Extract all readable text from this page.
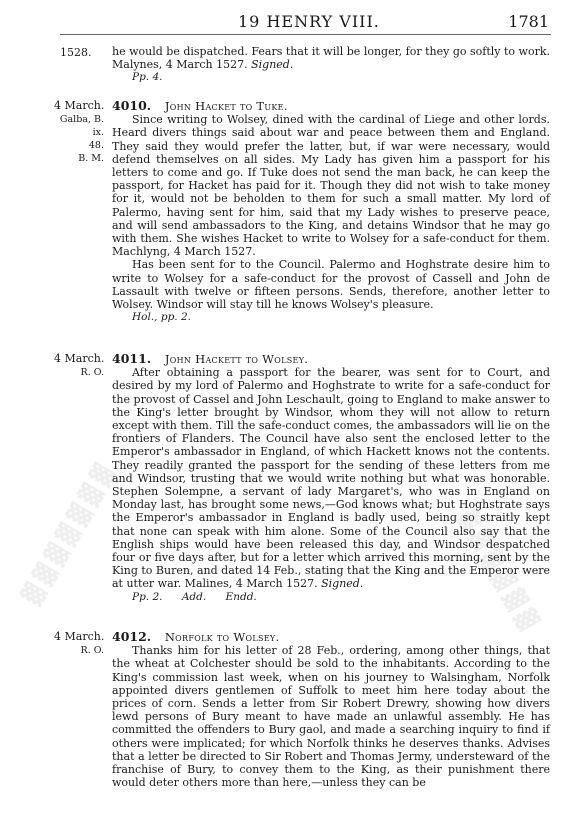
▓▓▓▓▓▓▓	▓▓▓▓▓▓
19 HENRY VIII.	1781
1528. he would be dispatched. Fears that it will be longer, for they go softly to work. Malynes, 4 March 1527. Signed.

Pp. 4.
4 March.
Galba, B. ix.
48.
B. M.
4010. John Hacket to Tuke.

Since writing to Wolsey, dined with the cardinal of Liege and other lords. Heard divers things said about war and peace between them and England. They said they would prefer the latter, but, if war were necessary, would defend themselves on all sides. My Lady has given him a passport for his letters to come and go. If Tuke does not send the man back, he can keep the passport, for Hacket has paid for it. Though they did not wish to take money for it, would not be beholden to them for such a small matter. My lord of Palermo, having sent for him, said that my Lady wishes to preserve peace, and will send ambassadors to the King, and detains Windsor that he may go with them. She wishes Hacket to write to Wolsey for a safe-conduct for them. Machlyng, 4 March 1527.

Has been sent for to the Council. Palermo and Hoghstrate desire him to write to Wolsey for a safe-conduct for the provost of Cassell and John de Lassault with twelve or fifteen persons. Sends, therefore, another letter to Wolsey. Windsor will stay till he knows Wolsey's pleasure.

Hol., pp. 2.
4 March.
R. O.
4011. John Hackett to Wolsey.

After obtaining a passport for the bearer, was sent for to Court, and desired by my lord of Palermo and Hoghstrate to write for a safe-conduct for the provost of Cassel and John Leschault, going to England to make answer to the King's letter brought by Windsor, whom they will not allow to return except with them. Till the safe-conduct comes, the ambassadors will lie on the frontiers of Flanders. The Council have also sent the enclosed letter to the Emperor's ambassador in England, of which Hackett knows not the contents. They readily granted the passport for the sending of these letters from me and Windsor, trusting that we would write nothing but what was honorable. Stephen Solempne, a servant of lady Margaret's, who was in England on Monday last, has brought some news,—God knows what; but Hoghstrate says the Emperor's ambassador in England is badly used, being so straitly kept that none can speak with him alone. Some of the Council also say that the English ships would have been released this day, and Windsor despatched four or five days after, but for a letter which arrived this morning, sent by the King to Buren, and dated 14 Feb., stating that the King and the Emperor were at utter war. Malines, 4 March 1527. Signed.

Pp. 2. Add. Endd.
4 March.
R. O.
4012. Norfolk to Wolsey.

Thanks him for his letter of 28 Feb., ordering, among other things, that the wheat at Colchester should be sold to the inhabitants. According to the King's commission last week, when on his journey to Walsingham, Norfolk appointed divers gentlemen of Suffolk to meet him here today about the prices of corn. Sends a letter from Sir Robert Drewry, showing how divers lewd persons of Bury meant to have made an unlawful assembly. He has committed the offenders to Bury gaol, and made a searching inquiry to find if others were implicated; for which Norfolk thinks he deserves thanks. Advises that a letter be directed to Sir Robert and Thomas Jermy, understeward of the franchise of Bury, to convey them to the King, as their punishment there would deter others more than here,—unless they can be
